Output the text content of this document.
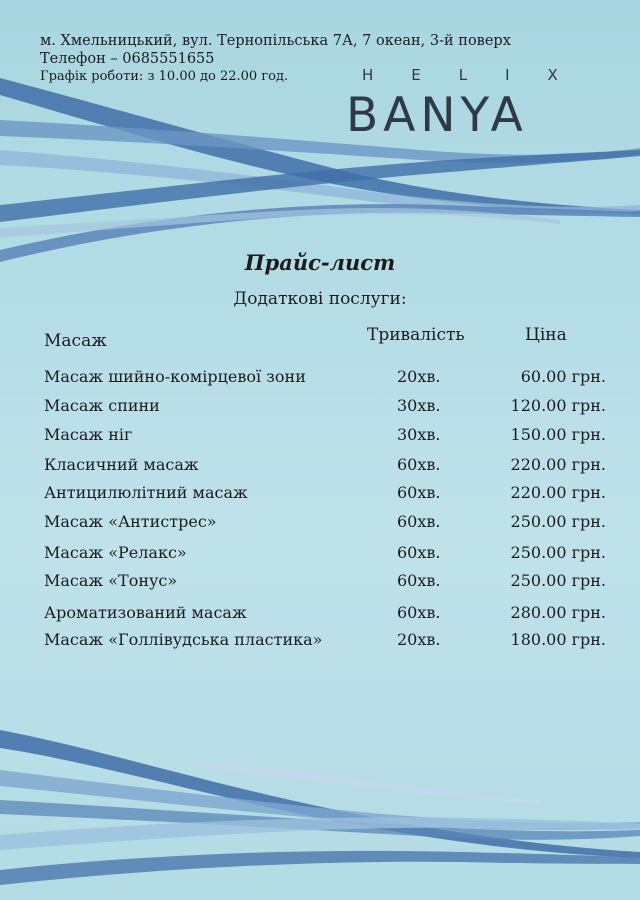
м. Хмельницький, вул. Тернопільська 7А, 7 океан, 3-й поверх
Телефон – 0685551655
Графік роботи: з 10.00 до 22.00 год.	HELIX
BANYA
Прайс-лист
Додаткові послуги:
Масаж	Тривалість	Ціна
Масаж шийно-комірцевої зони	20хв.	60.00 грн.
Масаж спини	30хв.	120.00 грн.
Масаж ніг	30хв.	150.00 грн.
Класичний масаж	60хв.	220.00 грн.
Антицилюлітний масаж	60хв.	220.00 грн.
Масаж «Антистрес»	60хв.	250.00 грн.
Масаж «Релакс»	60хв.	250.00 грн.
Масаж «Тонус»	60хв.	250.00 грн.
Ароматизований масаж	60хв.	280.00 грн.
Масаж «Голлівудська пластика»	20хв.	180.00 грн.
